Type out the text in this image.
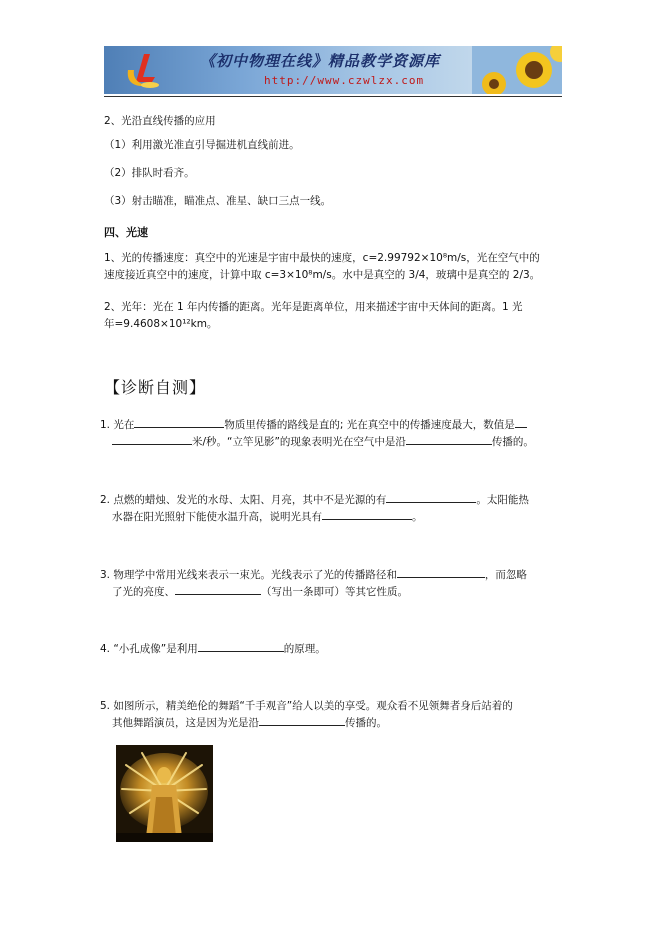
《初中物理在线》精品教学资源库
http://www.czwlzx.com
2、光沿直线传播的应用
（1）利用激光准直引导掘进机直线前进。
（2）排队时看齐。
（3）射击瞄准，瞄准点、准星、缺口三点一线。
四、光速
1、光的传播速度：真空中的光速是宇宙中最快的速度，c=2.99792×10⁸m/s，光在空气中的
速度接近真空中的速度，计算中取 c=3×10⁸m/s。水中是真空的 3/4，玻璃中是真空的 2/3。
2、光年：光在 1 年内传播的距离。光年是距离单位，用来描述宇宙中天体间的距离。1 光
年=9.4608×10¹²km。
【诊断自测】
1. 光在	物质里传播的路线是直的; 光在真空中的传播速度最大，数值是
米/秒。“立竿见影”的现象表明光在空气中是沿	传播的。
2. 点燃的蜡烛、发光的水母、太阳、月亮，其中不是光源的有	。太阳能热
水器在阳光照射下能使水温升高，说明光具有	。
3. 物理学中常用光线来表示一束光。光线表示了光的传播路径和	，而忽略
了光的亮度、	（写出一条即可）等其它性质。
4. “小孔成像”是利用	的原理。
5. 如图所示，精美绝伦的舞蹈“千手观音”给人以美的享受。观众看不见领舞者身后站着的
其他舞蹈演员，这是因为光是沿	传播的。
